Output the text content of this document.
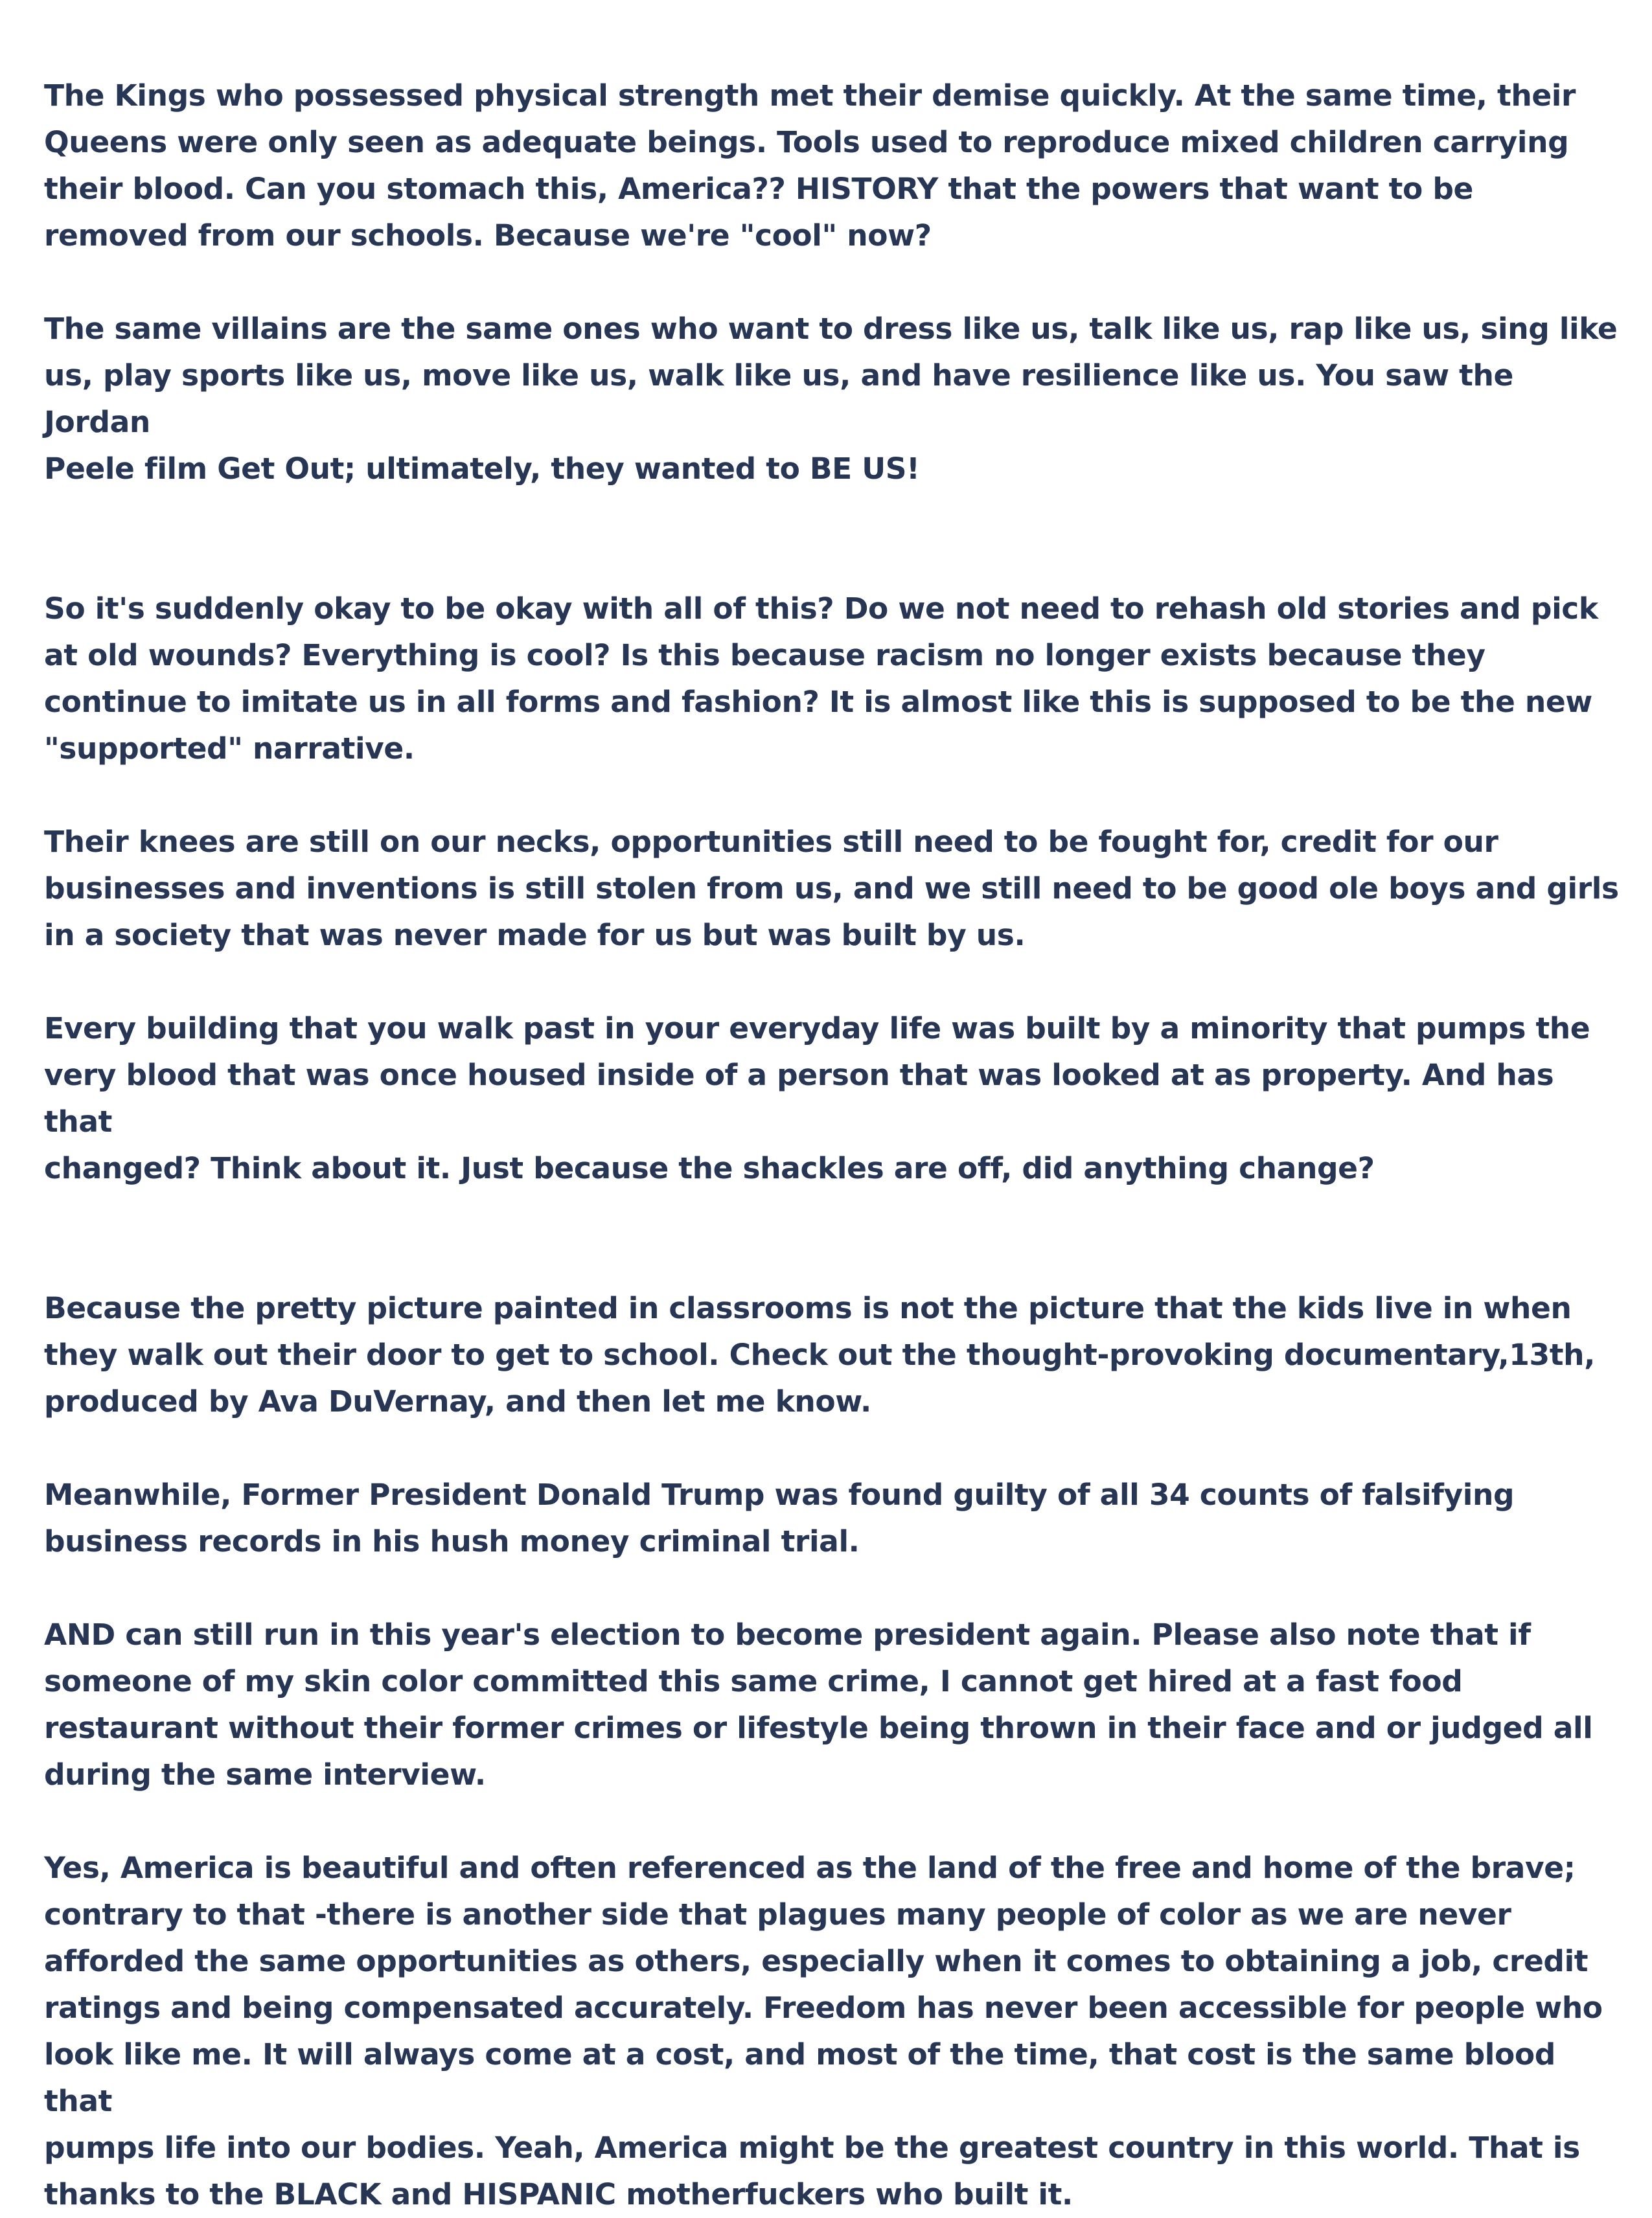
The Kings who possessed physical strength met their demise quickly. At the same time, their
Queens were only seen as adequate beings. Tools used to reproduce mixed children carrying
their blood. Can you stomach this, America?? HISTORY that the powers that want to be
removed from our schools. Because we're "cool" now?

The same villains are the same ones who want to dress like us, talk like us, rap like us, sing like
us, play sports like us, move like us, walk like us, and have resilience like us. You saw the Jordan
Peele film Get Out; ultimately, they wanted to BE US!

So it's suddenly okay to be okay with all of this? Do we not need to rehash old stories and pick
at old wounds? Everything is cool? Is this because racism no longer exists because they
continue to imitate us in all forms and fashion? It is almost like this is supposed to be the new
"supported" narrative.

Their knees are still on our necks, opportunities still need to be fought for, credit for our
businesses and inventions is still stolen from us, and we still need to be good ole boys and girls
in a society that was never made for us but was built by us.

Every building that you walk past in your everyday life was built by a minority that pumps the
very blood that was once housed inside of a person that was looked at as property. And has that
changed? Think about it. Just because the shackles are off, did anything change?

Because the pretty picture painted in classrooms is not the picture that the kids live in when
they walk out their door to get to school. Check out the thought-provoking documentary,13th,
produced by Ava DuVernay, and then let me know.

Meanwhile, Former President Donald Trump was found guilty of all 34 counts of falsifying
business records in his hush money criminal trial.

AND can still run in this year's election to become president again. Please also note that if
someone of my skin color committed this same crime, I cannot get hired at a fast food
restaurant without their former crimes or lifestyle being thrown in their face and or judged all
during the same interview.

Yes, America is beautiful and often referenced as the land of the free and home of the brave;
contrary to that -there is another side that plagues many people of color as we are never
afforded the same opportunities as others, especially when it comes to obtaining a job, credit
ratings and being compensated accurately. Freedom has never been accessible for people who
look like me. It will always come at a cost, and most of the time, that cost is the same blood that
pumps life into our bodies. Yeah, America might be the greatest country in this world. That is
thanks to the BLACK and HISPANIC motherfuckers who built it.
